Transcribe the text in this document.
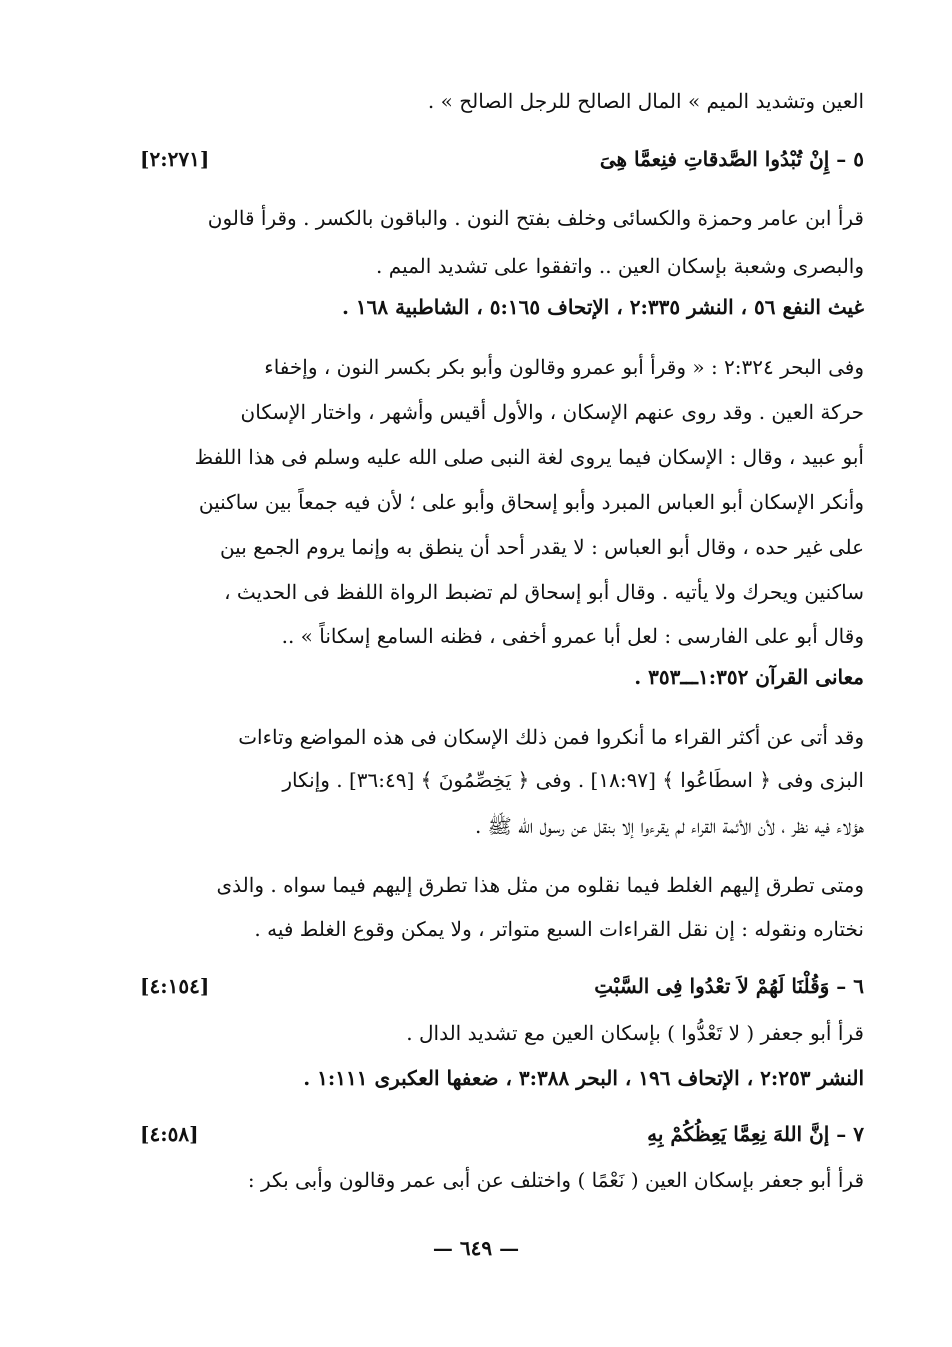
العين وتشديد الميم » المال الصالح للرجل الصالح » .
٥ – إِنْ تُبْدُوا الصَّدقاتِ فنِعمَّا هِىَ
[٢:٢٧١]
قرأ ابن عامر وحمزة والكسائى وخلف بفتح النون . والباقون بالكسر . وقرأ قالون
والبصرى وشعبة بإسكان العين .. واتفقوا على تشديد الميم .
غيث النفع ٥٦ ، النشر ٢:٣٣٥ ، الإتحاف ٥:١٦٥ ، الشاطبية ١٦٨ .
وفى البحر ٢:٣٢٤ : « وقرأ أبو عمرو وقالون وأبو بكر بكسر النون ، وإخفاء
حركة العين . وقد روى عنهم الإسكان ، والأول أقيس وأشهر ، واختار الإسكان
أبو عبيد ، وقال : الإسكان فيما يروى لغة النبى صلى الله عليه وسلم فى هذا اللفظ
وأنكر الإسكان أبو العباس المبرد وأبو إسحاق وأبو على ؛ لأن فيه جمعاً بين ساكنين
على غير حده ، وقال أبو العباس : لا يقدر أحد أن ينطق به وإنما يروم الجمع بين
ساكنين ويحرك ولا يأتيه . وقال أبو إسحاق لم تضبط الرواة اللفظ فى الحديث ،
وقال أبو على الفارسى : لعل أبا عمرو أخفى ، فظنه السامع إسكاناً » ..
معانى القرآن ١:٣٥٢ـــ٣٥٣ .
وقد أتى عن أكثر القراء ما أنكروا فمن ذلك الإسكان فى هذه المواضع وتاءات
البزى وفى ﴿ اسطَاعُوا ﴾ [١٨:٩٧] . وفى ﴿ يَخِصِّمُونَ ﴾ [٣٦:٤٩] . وإنكار
هؤلاء فيه نظر ، لأن الأئمة القراء لم يقرءوا إلا بنقل عن رسول الله ﷺ .
ومتى تطرق إليهم الغلط فيما نقلوه من مثل هذا تطرق إليهم فيما سواه . والذى
نختاره ونقوله : إن نقل القراءات السبع متواتر ، ولا يمكن وقوع الغلط فيه .
٦ – وَقُلْنَا لَهُمْ لاَ تعْدُوا فِى السَّبْتِ
[٤:١٥٤]
قرأ أبو جعفر ( لا تَعْدُّوا ) بإسكان العين مع تشديد الدال .
النشر ٢:٢٥٣ ، الإتحاف ١٩٦ ، البحر ٣:٣٨٨ ، ضعفها العكبرى ١:١١١ .
٧ – إنَّ اللهَ نِعِمَّا يَعِظُكُمْ بِهِ
[٤:٥٨]
قرأ أبو جعفر بإسكان العين ( نَعْمًا ) واختلف عن أبى عمر وقالون وأبى بكر :
— ٦٤٩ —
